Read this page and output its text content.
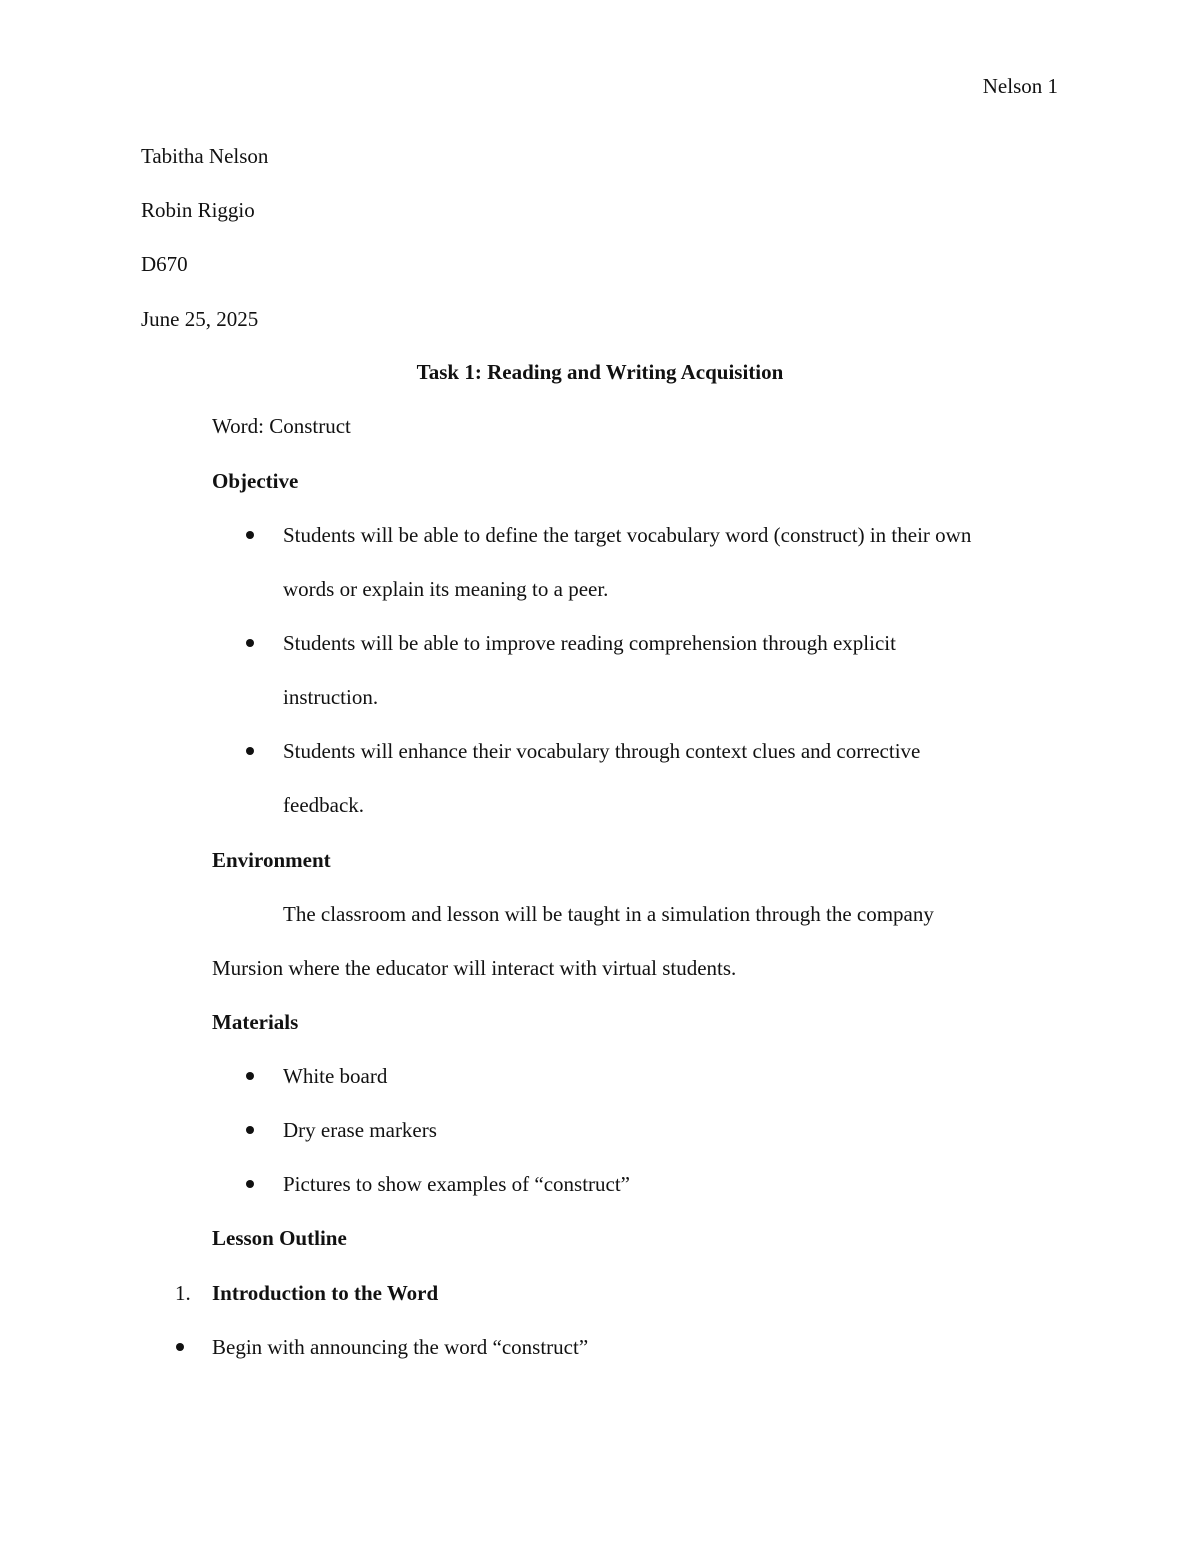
Nelson 1
Tabitha Nelson
Robin Riggio
D670
June 25, 2025
Task 1: Reading and Writing Acquisition
Word: Construct
Objective
Students will be able to define the target vocabulary word (construct) in their own
words or explain its meaning to a peer.
Students will be able to improve reading comprehension through explicit
instruction.
Students will enhance their vocabulary through context clues and corrective
feedback.
Environment
The classroom and lesson will be taught in a simulation through the company
Mursion where the educator will interact with virtual students.
Materials
White board
Dry erase markers
Pictures to show examples of “construct”
Lesson Outline
1. Introduction to the Word
Begin with announcing the word “construct”
